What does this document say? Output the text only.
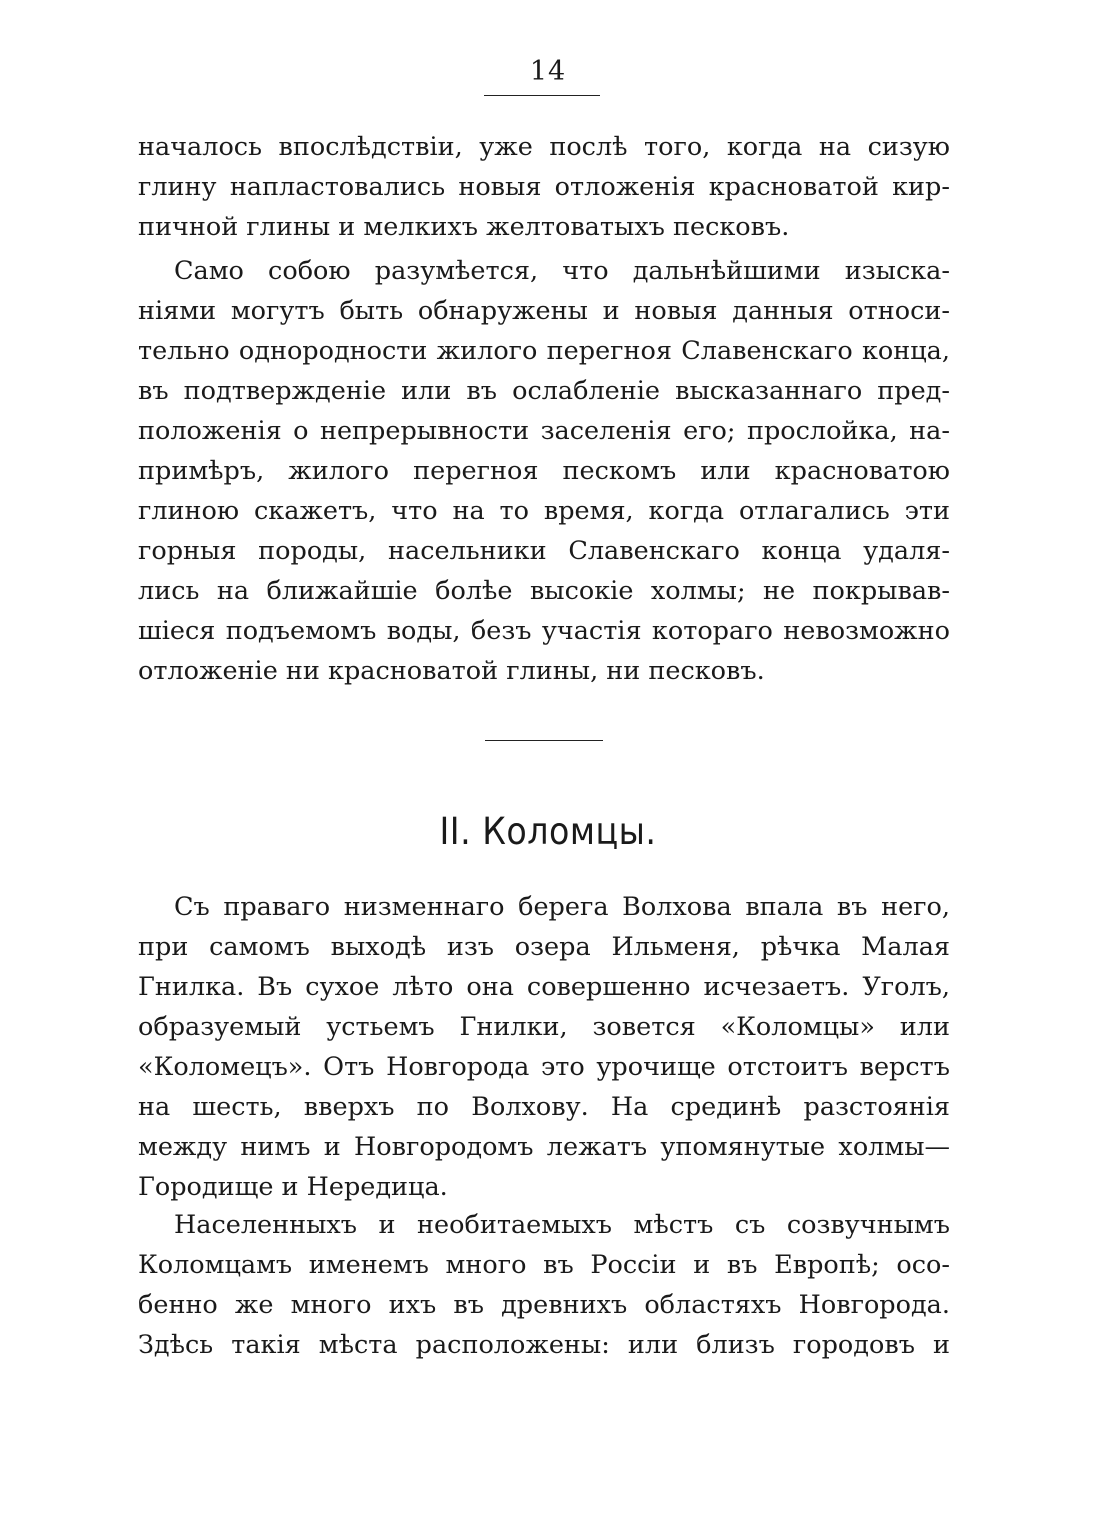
14
началось впослѣдствіи, уже послѣ того, когда на сизую
глину напластовались новыя отложенія красноватой кир-
пичной глины и мелкихъ желтоватыхъ песковъ.
Само собою разумѣется, что дальнѣйшими изыска-
ніями могутъ быть обнаружены и новыя данныя относи-
тельно однородности жилого перегноя Славенскаго конца,
въ подтвержденіе или въ ослабленіе высказаннаго пред-
положенія о непрерывности заселенія его; прослойка, на-
примѣръ, жилого перегноя пескомъ или красноватою
глиною скажетъ, что на то время, когда отлагались эти
горныя породы, насельники Славенскаго конца удаля-
лись на ближайшіе болѣе высокіе холмы; не покрывав-
шіеся подъемомъ воды, безъ участія котораго невозможно
отложеніе ни красноватой глины, ни песковъ.
II. Коломцы.
Съ праваго низменнаго берега Волхова впала въ него,
при самомъ выходѣ изъ озера Ильменя, рѣчка Малая
Гнилка. Въ сухое лѣто она совершенно исчезаетъ. Уголъ,
образуемый устьемъ Гнилки, зовется «Коломцы» или
«Коломецъ». Отъ Новгорода это урочище отстоитъ верстъ
на шесть, вверхъ по Волхову. На срединѣ разстоянія
между нимъ и Новгородомъ лежатъ упомянутые холмы—
Городище и Нередица.
Населенныхъ и необитаемыхъ мѣстъ съ созвучнымъ
Коломцамъ именемъ много въ Россіи и въ Европѣ; осо-
бенно же много ихъ въ древнихъ областяхъ Новгорода.
Здѣсь такія мѣста расположены: или близъ городовъ и
